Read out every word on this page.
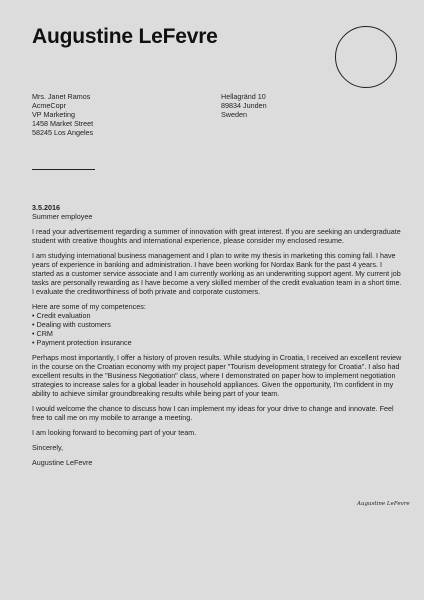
Augustine LeFevre
Mrs. Janet Ramos
AcmeCopr
VP Marketing
1458 Market Street
58245 Los Angeles
Hellagränd 10
89834 Junden
Sweden
3.5.2016
Summer employee

I read your advertisement regarding a summer of innovation with great interest. If you are seeking an undergraduate student with creative thoughts and international experience, please consider my enclosed resume.

I am studying international business management and I plan to write my thesis in marketing this coming fall. I have years of experience in banking and administration. I have been working for Nordax Bank for the past 4 years. I started as a customer service associate and I am currently working as an underwriting support agent. My current job tasks are personally rewarding as I have become a very skilled member of the credit evaluation team in a short time. I evaluate the creditworthiness of both private and corporate customers.

Here are some of my competences:
• Credit evaluation
• Dealing with customers
• CRM
• Payment protection insurance

Perhaps most importantly, I offer a history of proven results. While studying in Croatia, I received an excellent review in the course on the Croatian economy with my project paper "Tourism development strategy for Croatia". I also had excellent results in the "Business Negotiation" class, where I demonstrated on paper how to implement negotiation strategies to increase sales for a global leader in household appliances. Given the opportunity, I'm confident in my ability to achieve similar groundbreaking results while being part of your team.

I would welcome the chance to discuss how I can implement my ideas for your drive to change and innovate. Feel free to call me on my mobile to arrange a meeting.

I am looking forward to becoming part of your team.

Sincerely,

Augustine LeFevre

Augustine LeFevre
